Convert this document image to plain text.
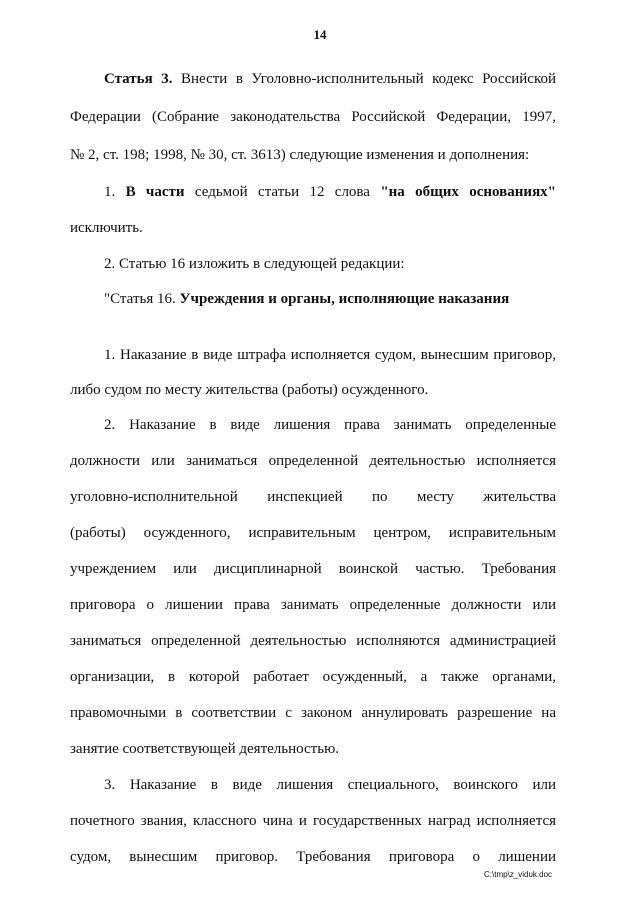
14
Статья 3. Внести в Уголовно-исполнительный кодекс Российской
Федерации (Собрание законодательства Российской Федерации, 1997,
№ 2, ст. 198; 1998, № 30, ст. 3613) следующие изменения и дополнения:
1. В части седьмой статьи 12 слова "на общих основаниях"
исключить.
2. Статью 16 изложить в следующей редакции:
"Статья 16. Учреждения и органы, исполняющие наказания
1. Наказание в виде штрафа исполняется судом, вынесшим приговор,
либо судом по месту жительства (работы) осужденного.
2. Наказание в виде лишения права занимать определенные
должности или заниматься определенной деятельностью исполняется
уголовно-исполнительной инспекцией по месту жительства
(работы) осужденного, исправительным центром, исправительным
учреждением или дисциплинарной воинской частью. Требования
приговора о лишении права занимать определенные должности или
заниматься определенной деятельностью исполняются администрацией
организации, в которой работает осужденный, а также органами,
правомочными в соответствии с законом аннулировать разрешение на
занятие соответствующей деятельностью.
3. Наказание в виде лишения специального, воинского или
почетного звания, классного чина и государственных наград исполняется
судом, вынесшим приговор. Требования приговора о лишении
C:\tmp\z_viduk.doc
